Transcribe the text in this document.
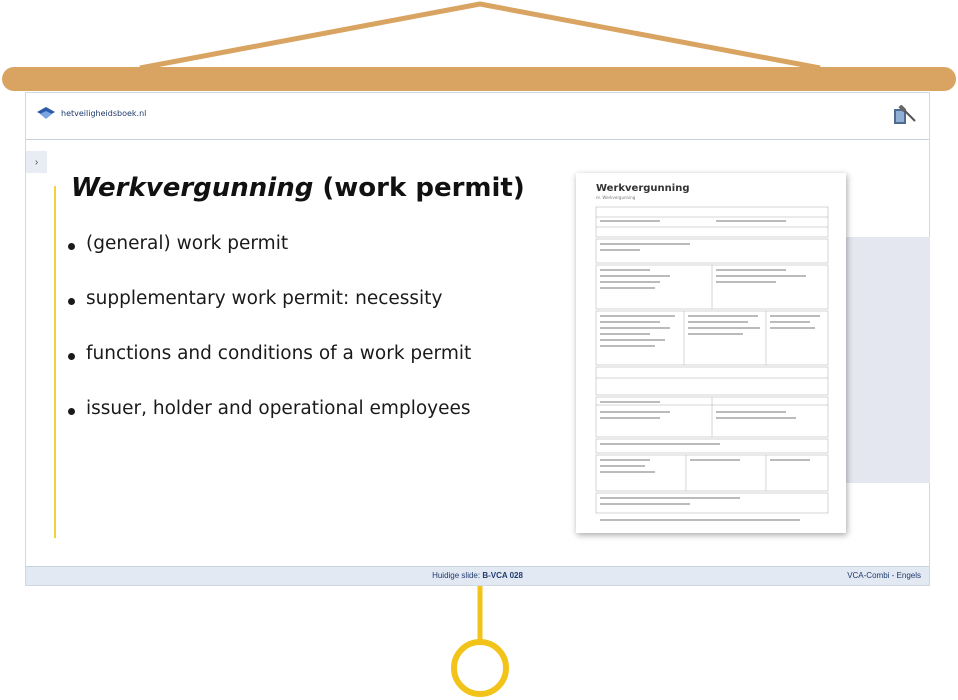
hetveiligheidsboek.nl
›
Werkvergunning (work permit)
(general) work permit
supplementary work permit: necessity
functions and conditions of a work permit
issuer, holder and operational employees
Werkvergunning
nr. Werkvergunning
Huidige slide: B-VCA 028	VCA-Combi - Engels
